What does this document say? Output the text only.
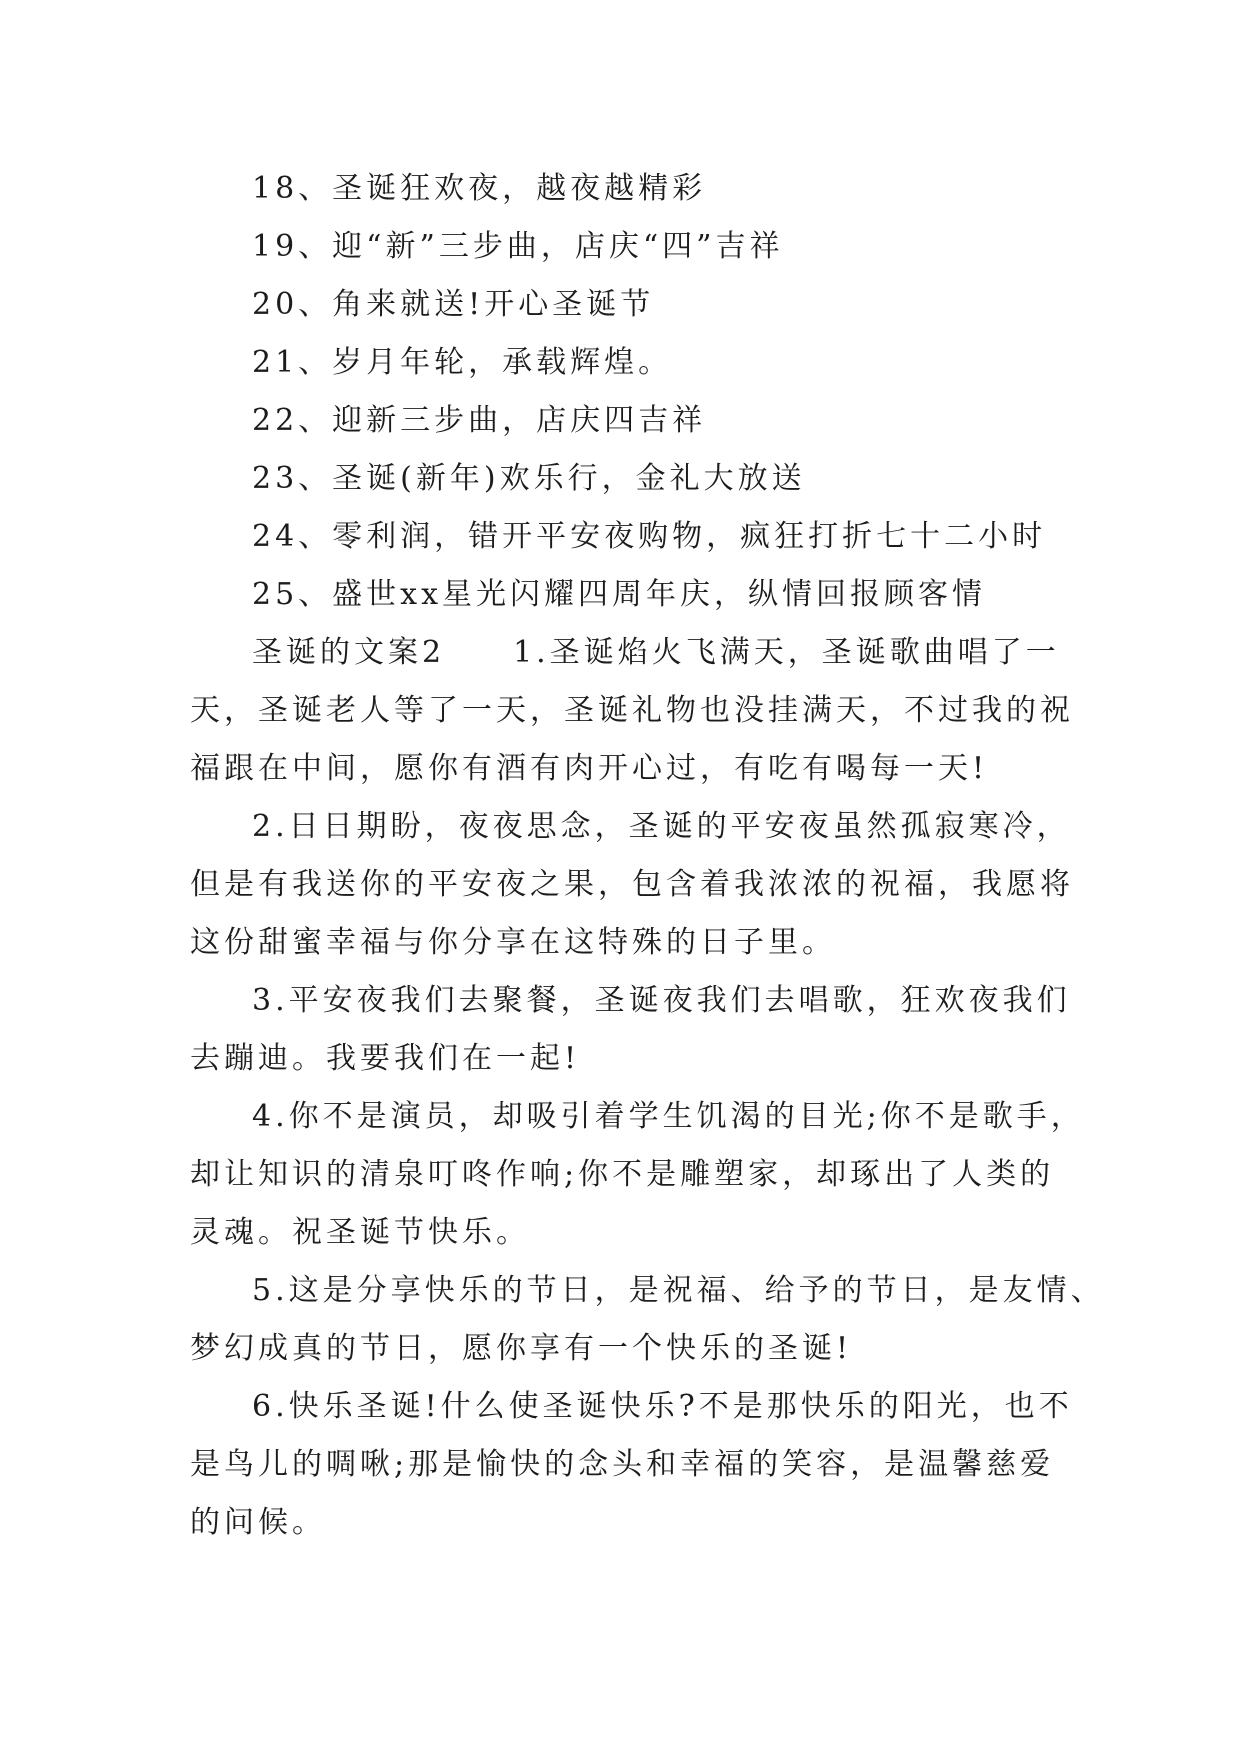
18、圣诞狂欢夜，越夜越精彩
19、迎“新”三步曲，店庆“四”吉祥
20、角来就送!开心圣诞节
21、岁月年轮，承载辉煌。
22、迎新三步曲，店庆四吉祥
23、圣诞(新年)欢乐行，金礼大放送
24、零利润，错开平安夜购物，疯狂打折七十二小时
25、盛世xx星光闪耀四周年庆，纵情回报顾客情
圣诞的文案2　　1.圣诞焰火飞满天，圣诞歌曲唱了一
天，圣诞老人等了一天，圣诞礼物也没挂满天，不过我的祝
福跟在中间，愿你有酒有肉开心过，有吃有喝每一天!
2.日日期盼，夜夜思念，圣诞的平安夜虽然孤寂寒冷，
但是有我送你的平安夜之果，包含着我浓浓的祝福，我愿将
这份甜蜜幸福与你分享在这特殊的日子里。
3.平安夜我们去聚餐，圣诞夜我们去唱歌，狂欢夜我们
去蹦迪。我要我们在一起!
4.你不是演员，却吸引着学生饥渴的目光;你不是歌手，
却让知识的清泉叮咚作响;你不是雕塑家，却琢出了人类的
灵魂。祝圣诞节快乐。
5.这是分享快乐的节日，是祝福、给予的节日，是友情、
梦幻成真的节日，愿你享有一个快乐的圣诞!
6.快乐圣诞!什么使圣诞快乐?不是那快乐的阳光，也不
是鸟儿的啁啾;那是愉快的念头和幸福的笑容，是温馨慈爱
的问候。
